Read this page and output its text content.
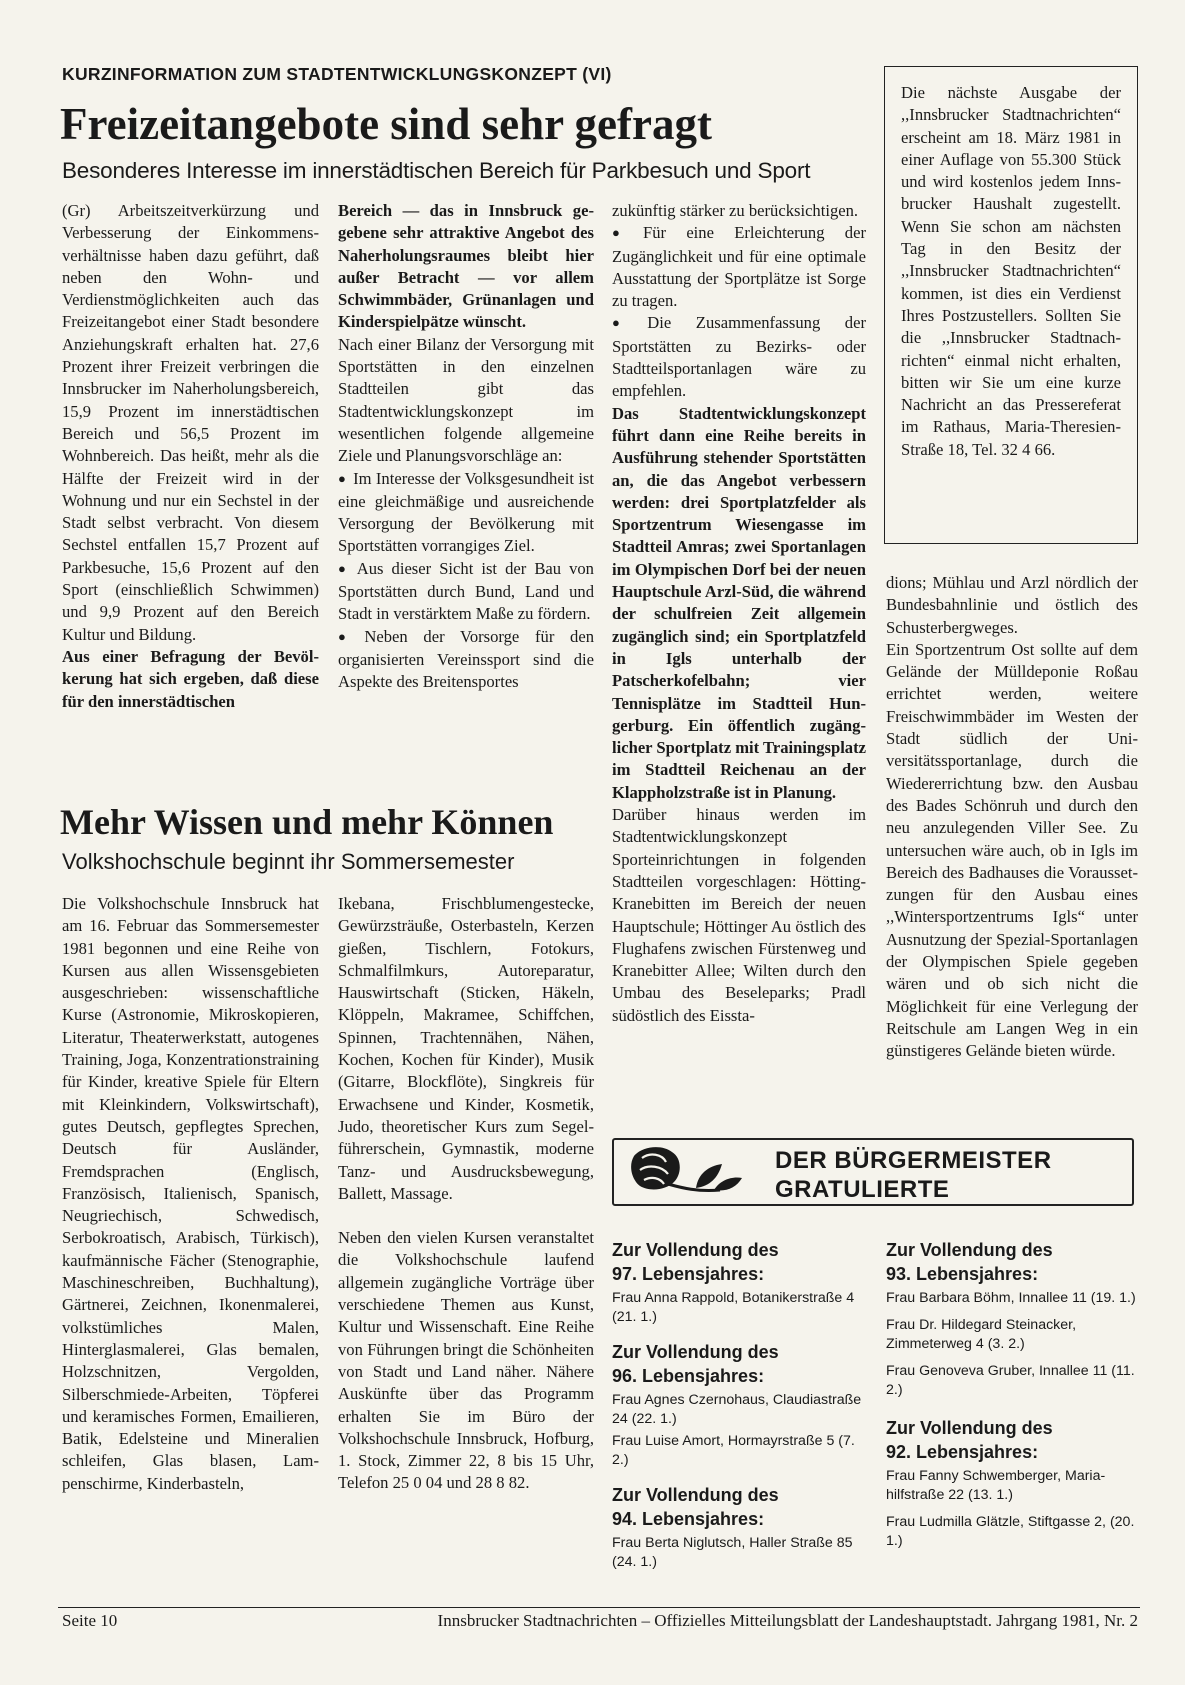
KURZINFORMATION ZUM STADTENTWICKLUNGSKONZEPT (VI)
Freizeitangebote sind sehr gefragt
Besonderes Interesse im innerstädtischen Bereich für Parkbesuch und Sport

(Gr) Arbeitszeitverkürzung und Verbesserung der Einkommensverhältnisse haben dazu geführt, daß neben den Wohn- und Verdienstmöglichkeiten auch das Freizeitangebot einer Stadt besondere Anziehungskraft erhalten hat. 27,6 Prozent ihrer Freizeit verbringen die Innsbrucker im Naherholungsbereich, 15,9 Prozent im innerstädtischen Bereich und 56,5 Prozent im Wohnbereich. Das heißt, mehr als die Hälfte der Freizeit wird in der Wohnung und nur ein Sechstel in der Stadt selbst verbracht. Von diesem Sechstel entfallen 15,7 Prozent auf Parkbesuche, 15,6 Prozent auf den Sport (einschließlich Schwimmen) und 9,9 Prozent auf den Bereich Kultur und Bildung.

Aus einer Befragung der Bevölkerung hat sich ergeben, daß diese für den innerstädtischen

Bereich — das in Innsbruck gegebene sehr attraktive Angebot des Naherholungsraumes bleibt hier außer Betracht — vor allem Schwimmbäder, Grünanlagen und Kinderspielpätze wünscht.

Nach einer Bilanz der Versorgung mit Sportstätten in den einzelnen Stadtteilen gibt das Stadtentwicklungskonzept im wesentlichen folgende allgemeine Ziele und Planungsvorschläge an:

● Im Interesse der Volksgesundheit ist eine gleichmäßige und ausreichende Versorgung der Bevölkerung mit Sportstätten vorrangiges Ziel.

● Aus dieser Sicht ist der Bau von Sportstätten durch Bund, Land und Stadt in verstärktem Maße zu fördern.

● Neben der Vorsorge für den organisierten Vereinssport sind die Aspekte des Breitensportes

zukünftig stärker zu berücksichtigen.

● Für eine Erleichterung der Zugänglichkeit und für eine optimale Ausstattung der Sportplätze ist Sorge zu tragen.

● Die Zusammenfassung der Sportstätten zu Bezirks- oder Stadtteilsportanlagen wäre zu empfehlen.

Das Stadtentwicklungskonzept führt dann eine Reihe bereits in Ausführung stehender Sportstätten an, die das Angebot verbessern werden: drei Sportplatzfelder als Sportzentrum Wiesengasse im Stadtteil Amras; zwei Sportanlagen im Olympischen Dorf bei der neuen Hauptschule Arzl-Süd, die während der schulfreien Zeit allgemein zugänglich sind; ein Sportplatzfeld in Igls unterhalb der Patscherkofelbahn; vier Tennisplätze im Stadtteil Hungerburg. Ein öffentlich zugänglicher Sportplatz mit Trainingsplatz im Stadtteil Reichenau an der Klappholzstraße ist in Planung.

Darüber hinaus werden im Stadtentwicklungskonzept Sporteinrichtungen in folgenden Stadtteilen vorgeschlagen: Hötting-Kranebitten im Bereich der neuen Hauptschule; Höttinger Au östlich des Flughafens zwischen Fürstenweg und Kranebitter Allee; Wilten durch den Umbau des Beseleparks; Pradl südöstlich des Eissta-

dions; Mühlau und Arzl nördlich der Bundesbahnlinie und östlich des Schusterbergweges.

Ein Sportzentrum Ost sollte auf dem Gelände der Mülldeponie Roßau errichtet werden, weitere Freischwimmbäder im Westen der Stadt südlich der Universitätssportanlage, durch die Wiedererrichtung bzw. den Ausbau des Bades Schönruh und durch den neu anzulegenden Viller See. Zu untersuchen wäre auch, ob in Igls im Bereich des Badhauses die Voraussetzungen für den Ausbau eines ,,Wintersportzentrums Igls“ unter Ausnutzung der Spezial-Sportanlagen der Olympischen Spiele gegeben wären und ob sich nicht die Möglichkeit für eine Verlegung der Reitschule am Langen Weg in ein günstigeres Gelände bieten würde.

Die nächste Ausgabe der ,,Innsbrucker Stadtnachrichten“ erscheint am 18. März 1981 in einer Auflage von 55.300 Stück und wird kostenlos jedem Innsbrucker Haushalt zugestellt. Wenn Sie schon am nächsten Tag in den Besitz der ,,Innsbrucker Stadtnachrichten“ kommen, ist dies ein Verdienst Ihres Postzustellers. Sollten Sie die ,,Innsbrucker Stadtnachrichten“ einmal nicht erhalten, bitten wir Sie um eine kurze Nachricht an das Pressereferat im Rathaus, Maria-Theresien-Straße 18, Tel. 32 4 66.

Mehr Wissen und mehr Können
Volkshochschule beginnt ihr Sommersemester

Die Volkshochschule Innsbruck hat am 16. Februar das Sommersemester 1981 begonnen und eine Reihe von Kursen aus allen Wissensgebieten ausgeschrieben: wissenschaftliche Kurse (Astronomie, Mikroskopieren, Literatur, Theaterwerkstatt, autogenes Training, Joga, Konzentrationstraining für Kinder, kreative Spiele für Eltern mit Kleinkindern, Volkswirtschaft), gutes Deutsch, gepflegtes Sprechen, Deutsch für Ausländer, Fremdsprachen (Englisch, Französisch, Italienisch, Spanisch, Neugriechisch, Schwedisch, Serbokroatisch, Arabisch, Türkisch), kaufmännische Fächer (Stenographie, Maschineschreiben, Buchhaltung), Gärtnerei, Zeichnen, Ikonenmalerei, volkstümliches Malen, Hinterglasmalerei, Glas bemalen, Holzschnitzen, Vergolden, Silberschmiede-Arbeiten, Töpferei und keramisches Formen, Emailieren, Batik, Edelsteine und Mineralien schleifen, Glas blasen, Lampenschirme, Kinderbasteln,

Ikebana, Frischblumengestecke, Gewürzsträuße, Osterbasteln, Kerzen gießen, Tischlern, Fotokurs, Schmalfilmkurs, Autoreparatur, Hauswirtschaft (Sticken, Häkeln, Klöppeln, Makramee, Schiffchen, Spinnen, Trachtennähen, Nähen, Kochen, Kochen für Kinder), Musik (Gitarre, Blockflöte), Singkreis für Erwachsene und Kinder, Kosmetik, Judo, theoretischer Kurs zum Segelführerschein, Gymnastik, moderne Tanz- und Ausdrucksbewegung, Ballett, Massage.

Neben den vielen Kursen veranstaltet die Volkshochschule laufend allgemein zugängliche Vorträge über verschiedene Themen aus Kunst, Kultur und Wissenschaft. Eine Reihe von Führungen bringt die Schönheiten von Stadt und Land näher. Nähere Auskünfte über das Programm erhalten Sie im Büro der Volkshochschule Innsbruck, Hofburg, 1. Stock, Zimmer 22, 8 bis 15 Uhr, Telefon 25 0 04 und 28 8 82.

DER BÜRGERMEISTER
GRATULIERTE
Zur Vollendung des
97. Lebensjahres:
Frau Anna Rappold, Botanikerstraße 4 (21. 1.)
Zur Vollendung des
96. Lebensjahres:
Frau Agnes Czernohaus, Claudiastraße 24 (22. 1.)
Frau Luise Amort, Hormayrstraße 5 (7. 2.)
Zur Vollendung des
94. Lebensjahres:
Frau Berta Niglutsch, Haller Straße 85 (24. 1.)
Zur Vollendung des
93. Lebensjahres:
Frau Barbara Böhm, Innallee 11 (19. 1.)
Frau Dr. Hildegard Steinacker, Zimmeterweg 4 (3. 2.)
Frau Genoveva Gruber, Innallee 11 (11. 2.)
Zur Vollendung des
92. Lebensjahres:
Frau Fanny Schwemberger, Mariahilfstraße 22 (13. 1.)
Frau Ludmilla Glätzle, Stiftgasse 2, (20. 1.)
Seite 10	Innsbrucker Stadtnachrichten – Offizielles Mitteilungsblatt der Landeshauptstadt. Jahrgang 1981, Nr. 2
